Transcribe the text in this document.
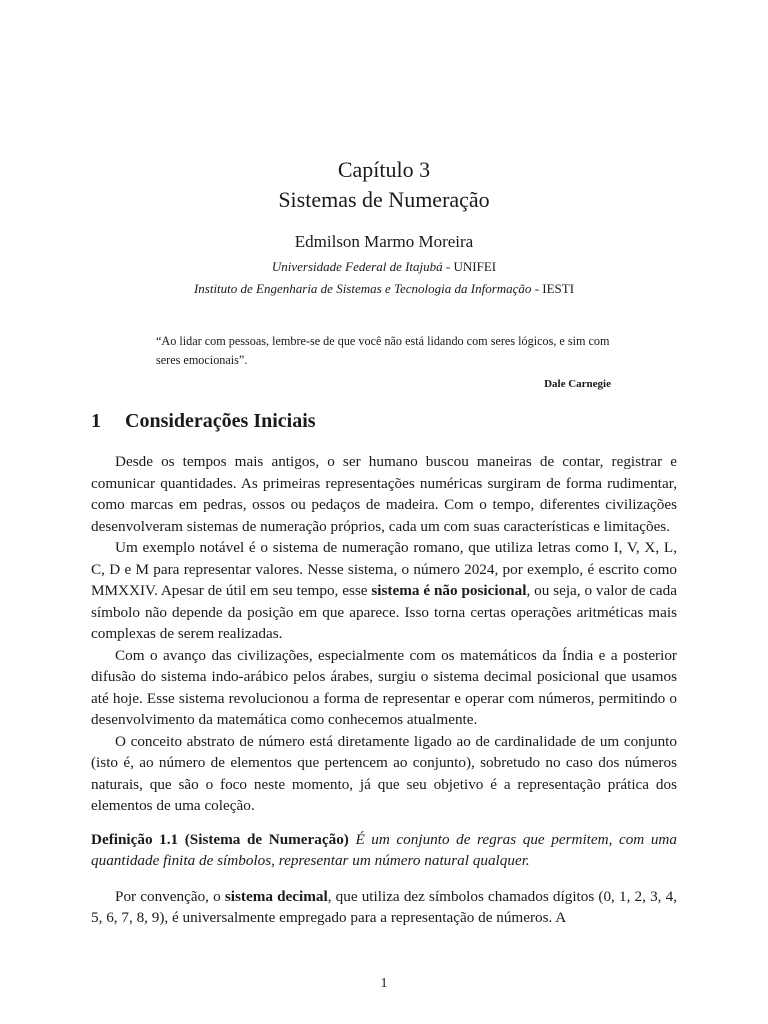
Capítulo 3
Sistemas de Numeração
Edmilson Marmo Moreira
Universidade Federal de Itajubá - UNIFEI
Instituto de Engenharia de Sistemas e Tecnologia da Informação - IESTI
“Ao lidar com pessoas, lembre-se de que você não está lidando com seres lógicos, e sim com seres emocionais”.
Dale Carnegie
1 Considerações Iniciais

Desde os tempos mais antigos, o ser humano buscou maneiras de contar, registrar e comunicar quantidades. As primeiras representações numéricas surgiram de forma rudimentar, como marcas em pedras, ossos ou pedaços de madeira. Com o tempo, diferentes civilizações desenvolveram sistemas de numeração próprios, cada um com suas características e limitações.

Um exemplo notável é o sistema de numeração romano, que utiliza letras como I, V, X, L, C, D e M para representar valores. Nesse sistema, o número 2024, por exemplo, é escrito como MMXXIV. Apesar de útil em seu tempo, esse sistema é não posicional, ou seja, o valor de cada símbolo não depende da posição em que aparece. Isso torna certas operações aritméticas mais complexas de serem realizadas.

Com o avanço das civilizações, especialmente com os matemáticos da Índia e a posterior difusão do sistema indo-arábico pelos árabes, surgiu o sistema decimal posicional que usamos até hoje. Esse sistema revolucionou a forma de representar e operar com números, permitindo o desenvolvimento da matemática como conhecemos atualmente.

O conceito abstrato de número está diretamente ligado ao de cardinalidade de um conjunto (isto é, ao número de elementos que pertencem ao conjunto), sobretudo no caso dos números naturais, que são o foco neste momento, já que seu objetivo é a representação prática dos elementos de uma coleção.

Definição 1.1 (Sistema de Numeração) É um conjunto de regras que permitem, com uma quantidade finita de símbolos, representar um número natural qualquer.

Por convenção, o sistema decimal, que utiliza dez símbolos chamados dígitos (0, 1, 2, 3, 4, 5, 6, 7, 8, 9), é universalmente empregado para a representação de números. A

1
